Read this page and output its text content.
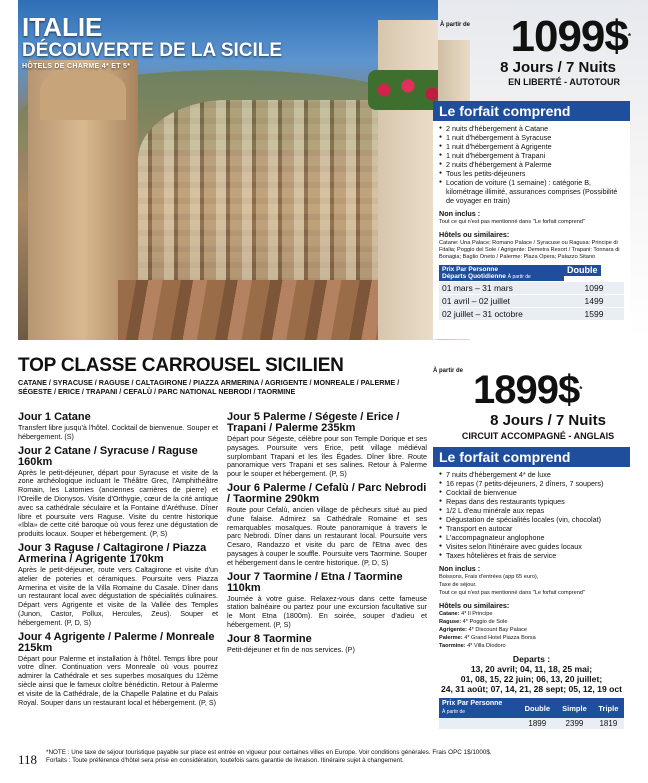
ITALIE
DÉCOUVERTE DE LA SICILE
HÔTELS DE CHARME 4* ET 5*
À partir de 1099$*
8 Jours / 7 Nuits
EN LIBERTÉ - AUTOTOUR
Le forfait comprend
● 2 nuits d'hébergement à Catane
● 1 nuit d'hébergement à Syracuse
● 1 nuit d'hébergement à Agrigente
● 1 nuit d'hébergement à Trapani
● 2 nuits d'hébergement à Palerme
● Tous les petits-déjeuners
● Location de voiture (1 semaine) : catégorie B, kilométrage illimité, assurances comprises (Possibilité de voyager en train)
Non inclus :
Tout ce qui n'est pas mentionné dans "Le forfait comprend"
Hôtels ou similaires:
Catane: Una Palace; Romano Palace / Syracuse ou Ragusa: Principe di Fitalia; Poggio del Sole / Agrigente: Demetra Resort / Trapani: Tonnara di Bonagia; Baglio Oneto / Palerme: Plaza Opera; Palazzo Sitano
Prix Par Personne
Départs Quotidienne À partir de	
Double

01 mars – 31 mars	1099
01 avril – 02 juillet	1499
02 juillet – 31 octobre	1599
TOP CLASSE CARROUSEL SICILIEN
CATANE / SYRACUSE / RAGUSE / CALTAGIRONE / PIAZZA ARMERINA / AGRIGENTE / MONREALE / PALERME / SÉGESTE / ERICE / TRAPANI / CEFALÙ / PARC NATIONAL NEBRODI / TAORMINE
Jour 1 Catane

Transfert libre jusqu'à l'hôtel. Cocktail de bienvenue. Souper et hébergement. (S)

Jour 2 Catane / Syracuse / Raguse 160km

Après le petit-déjeuner, départ pour Syracuse et visite de la zone archéologique incluant le Théâtre Grec, l'Amphithéâtre Romain, les Latomies (anciennes carrières de pierre) et l'Oreille de Dionysos. Visite d'Orthygie, cœur de la cité antique avec sa cathédrale séculaire et la Fontaine d'Aréthuse. Dîner libre et poursuite vers Raguse. Visite du centre historique «Ibla» de cette cité baroque où vous ferez une dégustation de produits locaux. Souper et hébergement. (P, S)

Jour 3 Raguse / Caltagirone / Piazza Armerina / Agrigente 170km

Après le petit-déjeuner, route vers Caltagirone et visite d'un atelier de poteries et céramiques. Poursuite vers Piazza Armerina et visite de la Villa Romaine du Casale. Dîner dans un restaurant local avec dégustation de spécialités culinaires. Départ vers Agrigente et visite de la Vallée des Temples (Junon, Castor, Pollux, Hercules, Zeus). Souper et hébergement. (P, D, S)

Jour 4 Agrigente / Palerme / Monreale 215km

Départ pour Palerme et installation à l'hôtel. Temps libre pour votre dîner. Continuation vers Monreale où vous pourrez admirer la Cathédrale et ses superbes mosaïques du 12ème siècle ainsi que le fameux cloître bénédictin. Retour à Palerme et visite de la Cathédrale, de la Chapelle Palatine et du Palais Royal. Souper dans un restaurant local et hébergement. (P, S)

Jour 5 Palerme / Ségeste / Erice / Trapani / Palerme 235km

Départ pour Ségeste, célèbre pour son Temple Dorique et ses paysages. Poursuite vers Erice, petit village médiéval surplombant Trapani et les îles Égades. Dîner libre. Route panoramique vers Trapani et ses salines. Retour à Palerme pour le souper et hébergement. (P, S)

Jour 6 Palerme / Cefalù / Parc Nebrodi / Taormine 290km

Route pour Cefalù, ancien village de pêcheurs situé au pied d'une falaise. Admirez sa Cathédrale Romaine et ses remarquables mosaïques. Route panoramique à travers le parc Nebrodi. Dîner dans un restaurant local. Poursuite vers Cesaro, Randazzo et visite du parc de l'Etna avec des paysages à couper le souffle. Poursuite vers Taormine. Souper et hébergement dans le centre historique. (P, D, S)

Jour 7 Taormine / Etna / Taormine 110km

Journée à votre guise. Relaxez-vous dans cette fameuse station balnéaire ou partez pour une excursion facultative sur le Mont Etna (1800m). En soirée, souper d'adieu et hébergement. (P, S)

Jour 8 Taormine

Petit-déjeuner et fin de nos services. (P)

À partir de 1899$*
8 Jours / 7 Nuits
CIRCUIT ACCOMPAGNÉ - ANGLAIS
Le forfait comprend
● 7 nuits d'hébergement 4* de luxe
● 16 repas (7 petits-déjeuners, 2 dîners, 7 soupers)
● Cocktail de bienvenue
● Repas dans des restaurants typiques
● 1/2 L d'eau minérale aux repas
● Dégustation de spécialités locales (vin, chocolat)
● Transport en autocar
● L'accompagnateur anglophone
● Visites selon l'itinéraire avec guides locaux
● Taxes hôtelières et frais de service
Non inclus :
Boissons, Frais d'entrées (app 65 euro),
Taxe de séjour.
Tout ce qui n'est pas mentionné dans "Le forfait comprend"
Hôtels ou similaires:
Catane: 4* Il Principe
Raguse: 4* Poggio de Sole
Agrigente: 4* Discount Bay Palace
Palerme: 4* Grand Hotel Piazza Borsa
Taormine: 4* Villa Diodoro
Departs :
13, 20 avril; 04, 11, 18, 25 mai;
01, 08, 15, 22 juin; 06, 13, 20 juillet;
24, 31 août; 07, 14, 21, 28 sept; 05, 12, 19 oct
Prix Par Personne
À partir de	Double	Simple	Triple
	1899	2399	1819
118 *NOTE : Une taxe de séjour touristique payable sur place est entrée en vigueur pour certaines villes en Europe. Voir conditions générales. Frais OPC 1$/1000$.
Forfaits : Toute préférence d'hôtel sera prise en considération, toutefois sans garantie de livraison. Itinéraire sujet à changement.
